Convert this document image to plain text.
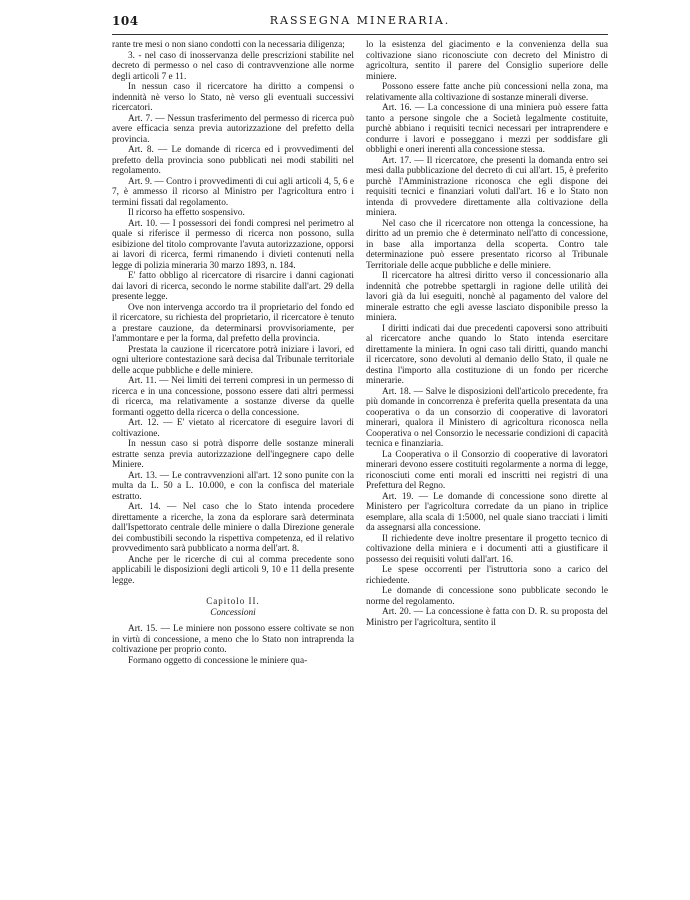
104	RASSEGNA MINERARIA.

rante tre mesi o non siano condotti con la necessaria diligenza;

3. - nel caso di inosservanza delle prescrizioni stabilite nel decreto di permesso o nel caso di contravvenzione alle norme degli articoli 7 e 11.

In nessun caso il ricercatore ha diritto a compensi o indennità nè verso lo Stato, nè verso gli eventuali successivi ricercatori.

Art. 7. — Nessun trasferimento del permesso di ricerca può avere efficacia senza previa autorizzazione del prefetto della provincia.

Art. 8. — Le domande di ricerca ed i provvedimenti del prefetto della provincia sono pubblicati nei modi stabiliti nel regolamento.

Art. 9. — Contro i provvedimenti di cui agli articoli 4, 5, 6 e 7, è ammesso il ricorso al Ministro per l'agricoltura entro i termini fissati dal regolamento.

Il ricorso ha effetto sospensivo.

Art. 10. — I possessori dei fondi compresi nel perimetro al quale si riferisce il permesso di ricerca non possono, sulla esibizione del titolo comprovante l'avuta autorizzazione, opporsi ai lavori di ricerca, fermi rimanendo i divieti contenuti nella legge di polizia mineraria 30 marzo 1893, n. 184.

E' fatto obbligo al ricercatore di risarcire i danni cagionati dai lavori di ricerca, secondo le norme stabilite dall'art. 29 della presente legge.

Ove non intervenga accordo tra il proprietario del fondo ed il ricercatore, su richiesta del proprietario, il ricercatore è tenuto a prestare cauzione, da determinarsi provvisoriamente, per l'ammontare e per la forma, dal prefetto della provincia.

Prestata la cauzione il ricercatore potrà iniziare i lavori, ed ogni ulteriore contestazione sarà decisa dal Tribunale territoriale delle acque pubbliche e delle miniere.

Art. 11. — Nei limiti dei terreni compresi in un permesso di ricerca e in una concessione, possono essere dati altri permessi di ricerca, ma relativamente a sostanze diverse da quelle formanti oggetto della ricerca o della concessione.

Art. 12. — E' vietato al ricercatore di eseguire lavori di coltivazione.

In nessun caso si potrà disporre delle sostanze minerali estratte senza previa autorizzazione dell'ingegnere capo delle Miniere.

Art. 13. — Le contravvenzioni all'art. 12 sono punite con la multa da L. 50 a L. 10.000, e con la confisca del materiale estratto.

Art. 14. — Nel caso che lo Stato intenda procedere direttamente a ricerche, la zona da esplorare sarà determinata dall'Ispettorato centrale delle miniere o dalla Direzione generale dei combustibili secondo la rispettiva competenza, ed il relativo provvedimento sarà pubblicato a norma dell'art. 8.

Anche per le ricerche di cui al comma precedente sono applicabili le disposizioni degli articoli 9, 10 e 11 della presente legge.

Capitolo II.
Concessioni

Art. 15. — Le miniere non possono essere coltivate se non in virtù di concessione, a meno che lo Stato non intraprenda la coltivazione per proprio conto.

Formano oggetto di concessione le miniere qua-

lo la esistenza del giacimento e la convenienza della sua coltivazione siano riconosciute con decreto del Ministro di agricoltura, sentito il parere del Consiglio superiore delle miniere.

Possono essere fatte anche più concessioni nella zona, ma relativamente alla coltivazione di sostanze minerali diverse.

Art. 16. — La concessione di una miniera può essere fatta tanto a persone singole che a Società legalmente costituite, purchè abbiano i requisiti tecnici necessari per intraprendere e condurre i lavori e posseggano i mezzi per soddisfare gli obblighi e oneri inerenti alla concessione stessa.

Art. 17. — Il ricercatore, che presenti la domanda entro sei mesi dalla pubblicazione del decreto di cui all'art. 15, è preferito purchè l'Amministrazione riconosca che egli dispone dei requisiti tecnici e finanziari voluti dall'art. 16 e lo Stato non intenda di provvedere direttamente alla coltivazione della miniera.

Nel caso che il ricercatore non ottenga la concessione, ha diritto ad un premio che è determinato nell'atto di concessione, in base alla importanza della scoperta. Contro tale determinazione può essere presentato ricorso al Tribunale Territoriale delle acque pubbliche e delle miniere.

Il ricercatore ha altresì diritto verso il concessionario alla indennità che potrebbe spettargli in ragione delle utilità dei lavori già da lui eseguiti, nonchè al pagamento del valore del minerale estratto che egli avesse lasciato disponibile presso la miniera.

I diritti indicati dai due precedenti capoversi sono attribuiti al ricercatore anche quando lo Stato intenda esercitare direttamente la miniera. In ogni caso tali diritti, quando manchi il ricercatore, sono devoluti al demanio dello Stato, il quale ne destina l'importo alla costituzione di un fondo per ricerche minerarie.

Art. 18. — Salve le disposizioni dell'articolo precedente, fra più domande in concorrenza è preferita quella presentata da una cooperativa o da un consorzio di cooperative di lavoratori minerari, qualora il Ministero di agricoltura riconosca nella Cooperativa o nel Consorzio le necessarie condizioni di capacità tecnica e finanziaria.

La Cooperativa o il Consorzio di cooperative di lavoratori minerari devono essere costituiti regolarmente a norma di legge, riconosciuti come enti morali ed inscritti nei registri di una Prefettura del Regno.

Art. 19. — Le domande di concessione sono dirette al Ministero per l'agricoltura corredate da un piano in triplice esemplare, alla scala di 1:5000, nel quale siano tracciati i limiti da assegnarsi alla concessione.

Il richiedente deve inoltre presentare il progetto tecnico di coltivazione della miniera e i documenti atti a giustificare il possesso dei requisiti voluti dall'art. 16.

Le spese occorrenti per l'istruttoria sono a carico del richiedente.

Le domande di concessione sono pubblicate secondo le norme del regolamento.

Art. 20. — La concessione è fatta con D. R. su proposta del Ministro per l'agricoltura, sentito il
